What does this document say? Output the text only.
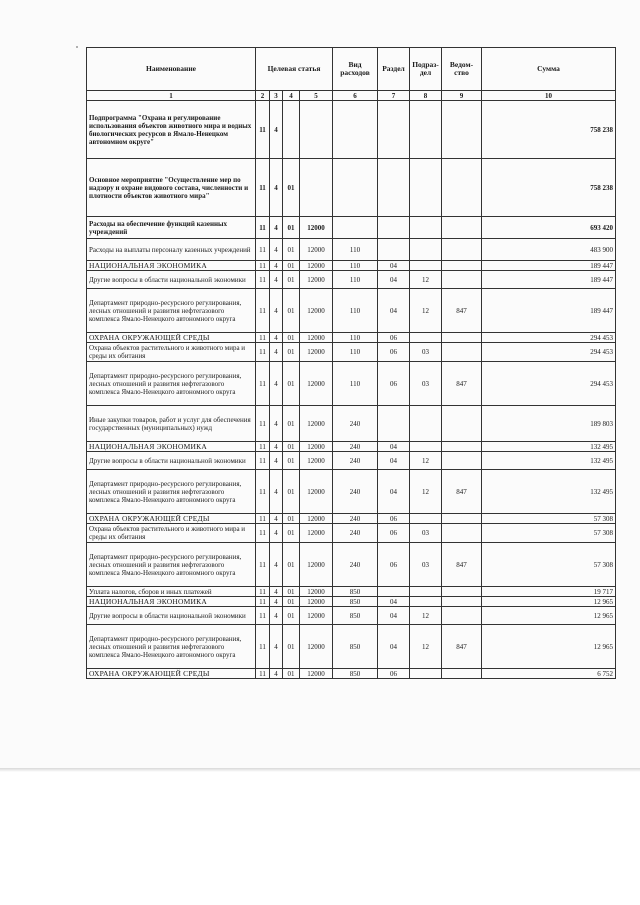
Наименование	Целевая статья				Вид расходов	Раздел	Подраз-дел	Ведом-ство	Сумма
1	2	3	4	5	6	7	8	9	10
Подпрограмма "Охрана и регулирование использования объектов животного мира и водных биологических ресурсов в Ямало-Ненецком автономном округе"	11	4							758 238
Основное мероприятие "Осуществление мер по надзору и охране видового состава, численности и плотности объектов животного мира"	11	4	01						758 238
Расходы на обеспечение функций казенных учреждений	11	4	01	12000					693 420
Расходы на выплаты персоналу казенных учреждений	11	4	01	12000	110				483 900
НАЦИОНАЛЬНАЯ ЭКОНОМИКА	11	4	01	12000	110	04			189 447
Другие вопросы в области национальной экономики	11	4	01	12000	110	04	12		189 447
Департамент природно-ресурсного регулирования, лесных отношений и развития нефтегазового комплекса Ямало-Ненецкого автономного округа	11	4	01	12000	110	04	12	847	189 447
ОХРАНА ОКРУЖАЮЩЕЙ СРЕДЫ	11	4	01	12000	110	06			294 453
Охрана объектов растительного и животного мира и среды их обитания	11	4	01	12000	110	06	03		294 453
Департамент природно-ресурсного регулирования, лесных отношений и развития нефтегазового комплекса Ямало-Ненецкого автономного округа	11	4	01	12000	110	06	03	847	294 453
Иные закупки товаров, работ и услуг для обеспечения государственных (муниципальных) нужд	11	4	01	12000	240				189 803
НАЦИОНАЛЬНАЯ ЭКОНОМИКА	11	4	01	12000	240	04			132 495
Другие вопросы в области национальной экономики	11	4	01	12000	240	04	12		132 495
Департамент природно-ресурсного регулирования, лесных отношений и развития нефтегазового комплекса Ямало-Ненецкого автономного округа	11	4	01	12000	240	04	12	847	132 495
ОХРАНА ОКРУЖАЮЩЕЙ СРЕДЫ	11	4	01	12000	240	06			57 308
Охрана объектов растительного и животного мира и среды их обитания	11	4	01	12000	240	06	03		57 308
Департамент природно-ресурсного регулирования, лесных отношений и развития нефтегазового комплекса Ямало-Ненецкого автономного округа	11	4	01	12000	240	06	03	847	57 308
Уплата налогов, сборов и иных платежей	11	4	01	12000	850				19 717
НАЦИОНАЛЬНАЯ ЭКОНОМИКА	11	4	01	12000	850	04			12 965
Другие вопросы в области национальной экономики	11	4	01	12000	850	04	12		12 965
Департамент природно-ресурсного регулирования, лесных отношений и развития нефтегазового комплекса Ямало-Ненецкого автономного округа	11	4	01	12000	850	04	12	847	12 965
ОХРАНА ОКРУЖАЮЩЕЙ СРЕДЫ	11	4	01	12000	850	06			6 752
